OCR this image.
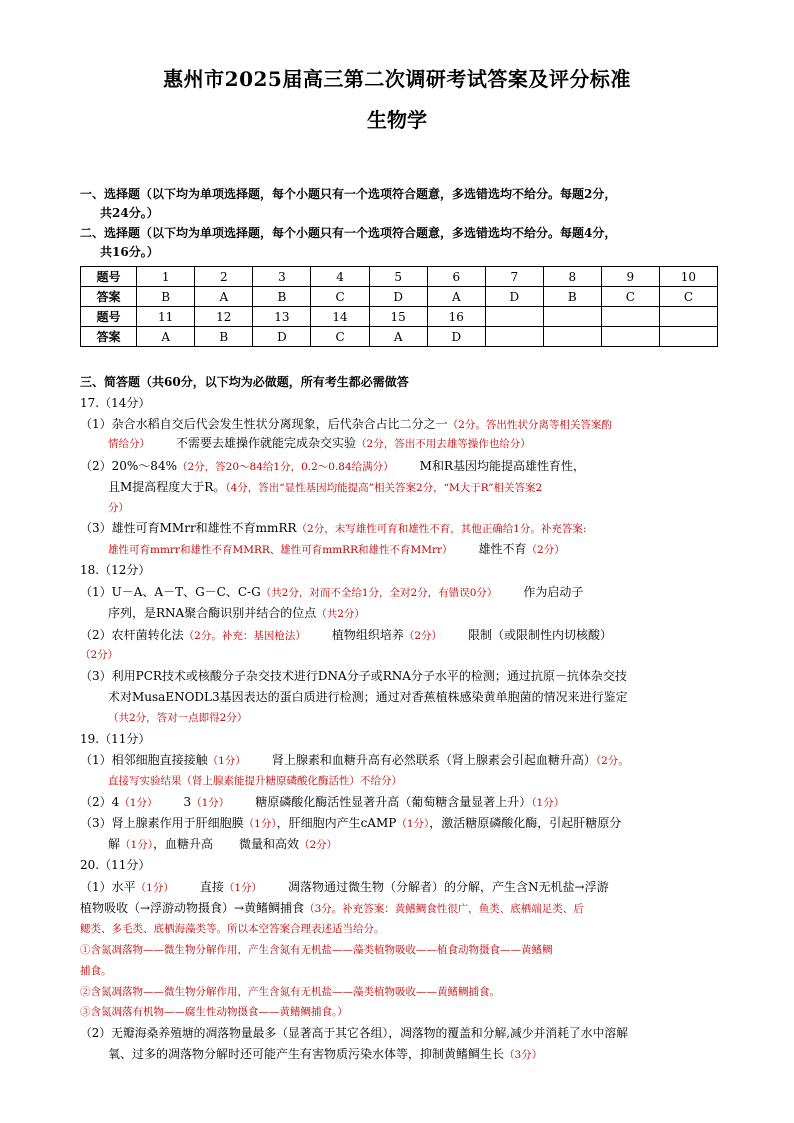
惠州市2025届高三第二次调研考试答案及评分标准
生物学
一、选择题（以下均为单项选择题，每个小题只有一个选项符合题意，多选错选均不给分。每题2分，
共24分。）
二、选择题（以下均为单项选择题，每个小题只有一个选项符合题意，多选错选均不给分。每题4分，
共16分。）
题号	1	2	3	4	5	6	7	8	9	10
答案	B	A	B	C	D	A	D	B	C	C
题号	11	12	13	14	15	16				
答案	A	B	D	C	A	D				
三、简答题（共60分，以下均为必做题，所有考生都必需做答
17.（14分）
（1）杂合水稻自交后代会发生性状分离现象，后代杂合占比二分之一（2分。答出性状分离等相关答案酌
情给分） 不需要去雄操作就能完成杂交实验（2分，答出不用去雄等操作也给分）
（2）20%～84%（2分，答20～84给1分，0.2～0.84给满分） M和R基因均能提高雄性育性，
且M提高程度大于R。（4分，答出“显性基因均能提高”相关答案2分，“M大于R”相关答案2
分）
（3）雄性可育MMrr和雄性不育mmRR（2分，未写雄性可育和雄性不育，其他正确给1分。补充答案:
雄性可育mmrr和雄性不育MMRR、雄性可育mmRR和雄性不育MMrr） 雄性不育（2分）
18.（12分）
（1）U－A、A－T、G－C、C-G（共2分，对而不全给1分，全对2分，有错误0分） 作为启动子
序列，是RNA聚合酶识别并结合的位点（共2分）
（2）农杆菌转化法（2分。补充：基因枪法） 植物组织培养（2分） 限制（或限制性内切核酸）
（2分）
（3）利用PCR技术或核酸分子杂交技术进行DNA分子或RNA分子水平的检测；通过抗原－抗体杂交技
术对MusaENODL3基因表达的蛋白质进行检测；通过对香蕉植株感染黄单胞菌的情况来进行鉴定
（共2分，答对一点即得2分）
19.（11分）
（1）相邻细胞直接接触（1分） 肾上腺素和血糖升高有必然联系（肾上腺素会引起血糖升高）（2分。
直接写实验结果（肾上腺素能提升糖原磷酸化酶活性）不给分）
（2）4（1分） 3（1分） 糖原磷酸化酶活性显著升高（葡萄糖含量显著上升）（1分）
（3）肾上腺素作用于肝细胞膜（1分），肝细胞内产生cAMP（1分），激活糖原磷酸化酶，引起肝糖原分
解（1分），血糖升高 微量和高效（2分）
20.（11分）
（1）水平（1分） 直接（1分） 凋落物通过微生物（分解者）的分解，产生含N无机盐→浮游
植物吸收（→浮游动物摄食）→黄鳍鲷捕食（3分。补充答案：黄鳍鲷食性很广，鱼类、底栖端足类、后
鳃类、多毛类、底栖海藻类等。所以本空答案合理表述适当给分。
①含氮凋落物——微生物分解作用，产生含氮有无机盐——藻类植物吸收——植食动物摄食——黄鳍鲷
捕食。
②含氮凋落物——微生物分解作用，产生含氮有无机盐——藻类植物吸收——黄鳍鲷捕食。
③含氮凋落有机物——腐生性动物摄食——黄鳍鲷捕食。）
（2）无瓣海桑养殖塘的凋落物量最多（显著高于其它各组），凋落物的覆盖和分解,减少并消耗了水中溶解
氧、过多的凋落物分解时还可能产生有害物质污染水体等，抑制黄鳍鲷生长（3分）
